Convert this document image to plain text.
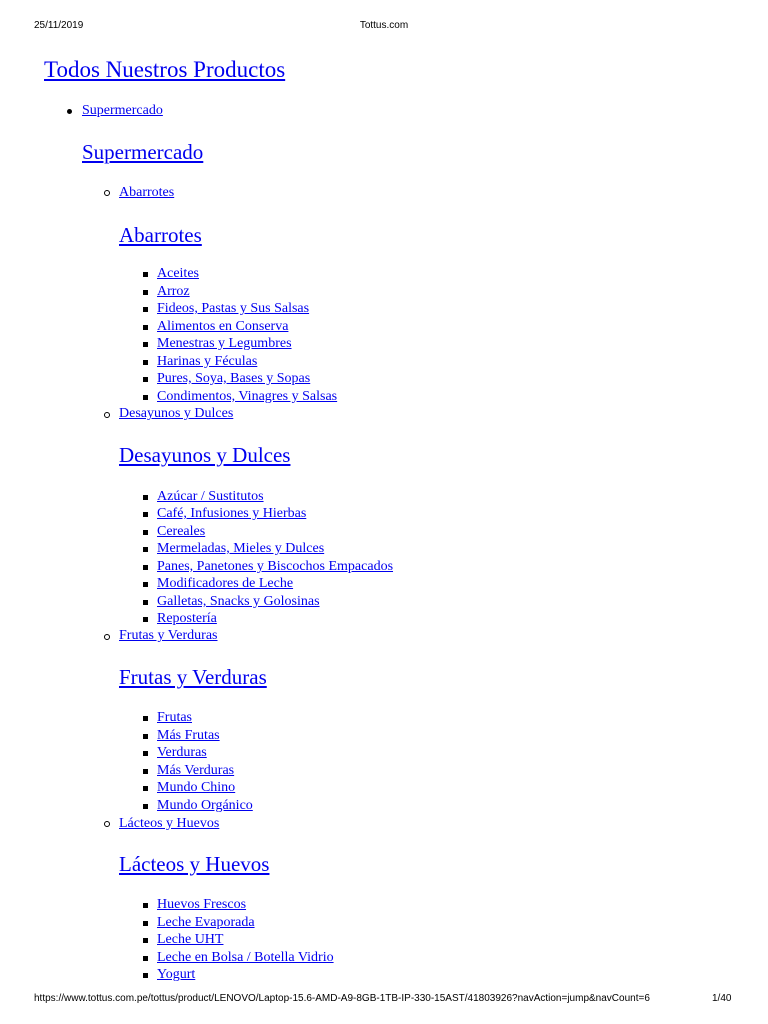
25/11/2019	Tottus.com
Todos Nuestros Productos
Supermercado
Supermercado
Abarrotes
Abarrotes
Aceites
Arroz
Fideos, Pastas y Sus Salsas
Alimentos en Conserva
Menestras y Legumbres
Harinas y Féculas
Pures, Soya, Bases y Sopas
Condimentos, Vinagres y Salsas
Desayunos y Dulces
Desayunos y Dulces
Azúcar / Sustitutos
Café, Infusiones y Hierbas
Cereales
Mermeladas, Mieles y Dulces
Panes, Panetones y Biscochos Empacados
Modificadores de Leche
Galletas, Snacks y Golosinas
Repostería
Frutas y Verduras
Frutas y Verduras
Frutas
Más Frutas
Verduras
Más Verduras
Mundo Chino
Mundo Orgánico
Lácteos y Huevos
Lácteos y Huevos
Huevos Frescos
Leche Evaporada
Leche UHT
Leche en Bolsa / Botella Vidrio
Yogurt
https://www.tottus.com.pe/tottus/product/LENOVO/Laptop-15.6-AMD-A9-8GB-1TB-IP-330-15AST/41803926?navAction=jump&navCount=6	1/40
